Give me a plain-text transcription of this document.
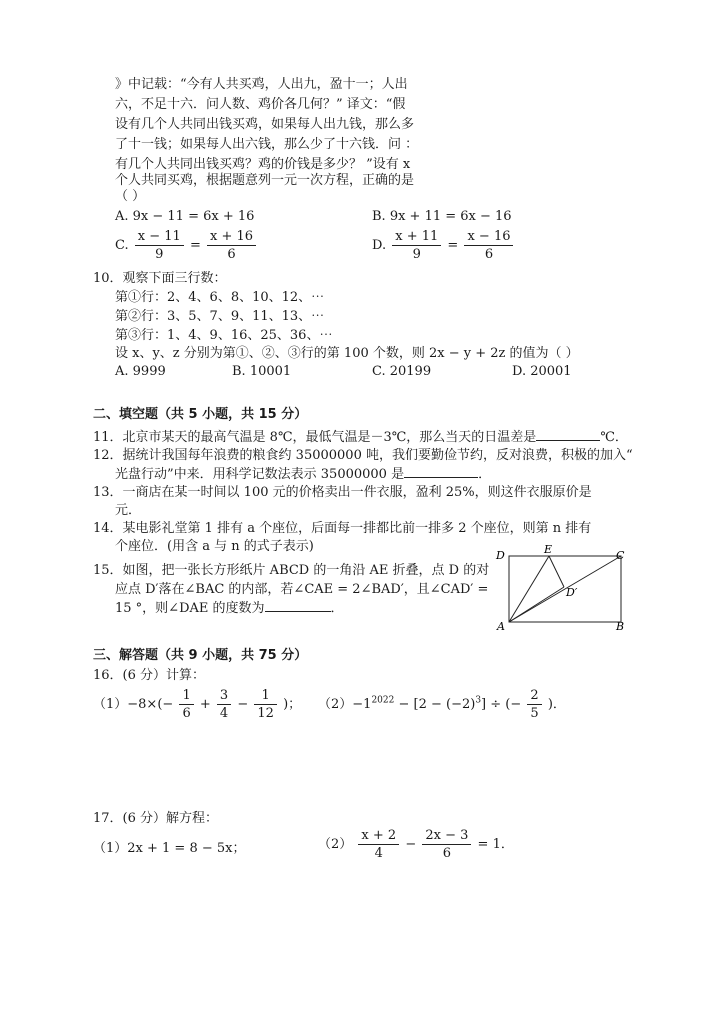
》中记载：“今有人共买鸡，人出九，盈十一；人出
六，不足十六．问人数、鸡价各几何？” 译文：“假
设有几个人共同出钱买鸡，如果每人出九钱，那么多
了十一钱；如果每人出六钱，那么少了十六钱．问 ：
有几个人共同出钱买鸡？鸡的价钱是多少？ ”设有 x
个人共同买鸡，根据题意列一元一次方程，正确的是
（ ）
A. 9x − 11 = 6x + 16	B. 9x + 11 = 6x − 16
C. $\frac{x - 11}{9} = \frac{x + 16}{6}$	D. $\frac{x + 11}{9} = \frac{x - 16}{6}$
10．观察下面三行数：
第①行：2、4、6、8、10、12、⋯
第②行：3、5、7、9、11、13、⋯
第③行：1、4、9、16、25、36、⋯
设 x、y、z 分别为第①、②、③行的第 100 个数，则 2x − y + 2z 的值为（ ）
A. 9999	B. 10001	C. 20199	D. 20001
二、填空题（共 5 小题，共 15 分）
11．北京市某天的最高气温是 8℃，最低气温是－3℃，那么当天的日温差是	℃．
12．据统计我国每年浪费的粮食约 35000000 吨，我们要勤俭节约，反对浪费，积极的加入“
光盘行动”中来．用科学记数法表示 35000000 是	．
13．一商店在某一时间以 100 元的价格卖出一件衣服，盈利 25%，则这件衣服原价是
元．
14．某电影礼堂第 1 排有 a 个座位，后面每一排都比前一排多 2 个座位，则第 n 排有
个座位．(用含 a 与 n 的式子表示)
15．如图，把一张长方形纸片 ABCD 的一角沿 AE 折叠，点 D 的对
应点 D′落在∠BAC 的内部，若∠CAE = 2∠BAD′，且∠CAD′ =
15 °，则∠DAE 的度数为	．
D	E	C
D′
A	B
三、解答题（共 9 小题，共 75 分）
16．(6 分）计算：
$(1)-8\times(- \frac{1}{6} + \frac{3}{4} - \frac{1}{12}$ )； $(2)-1^{2022} - [2 - (-2)^3]$ ÷ (− $\frac{2}{5}$ )．
17．(6 分）解方程：
（1）2x + 1 = 8 − 5x；	$(2) \frac{x + 2}{4} - \frac{2x - 3}{6} = 1$．
